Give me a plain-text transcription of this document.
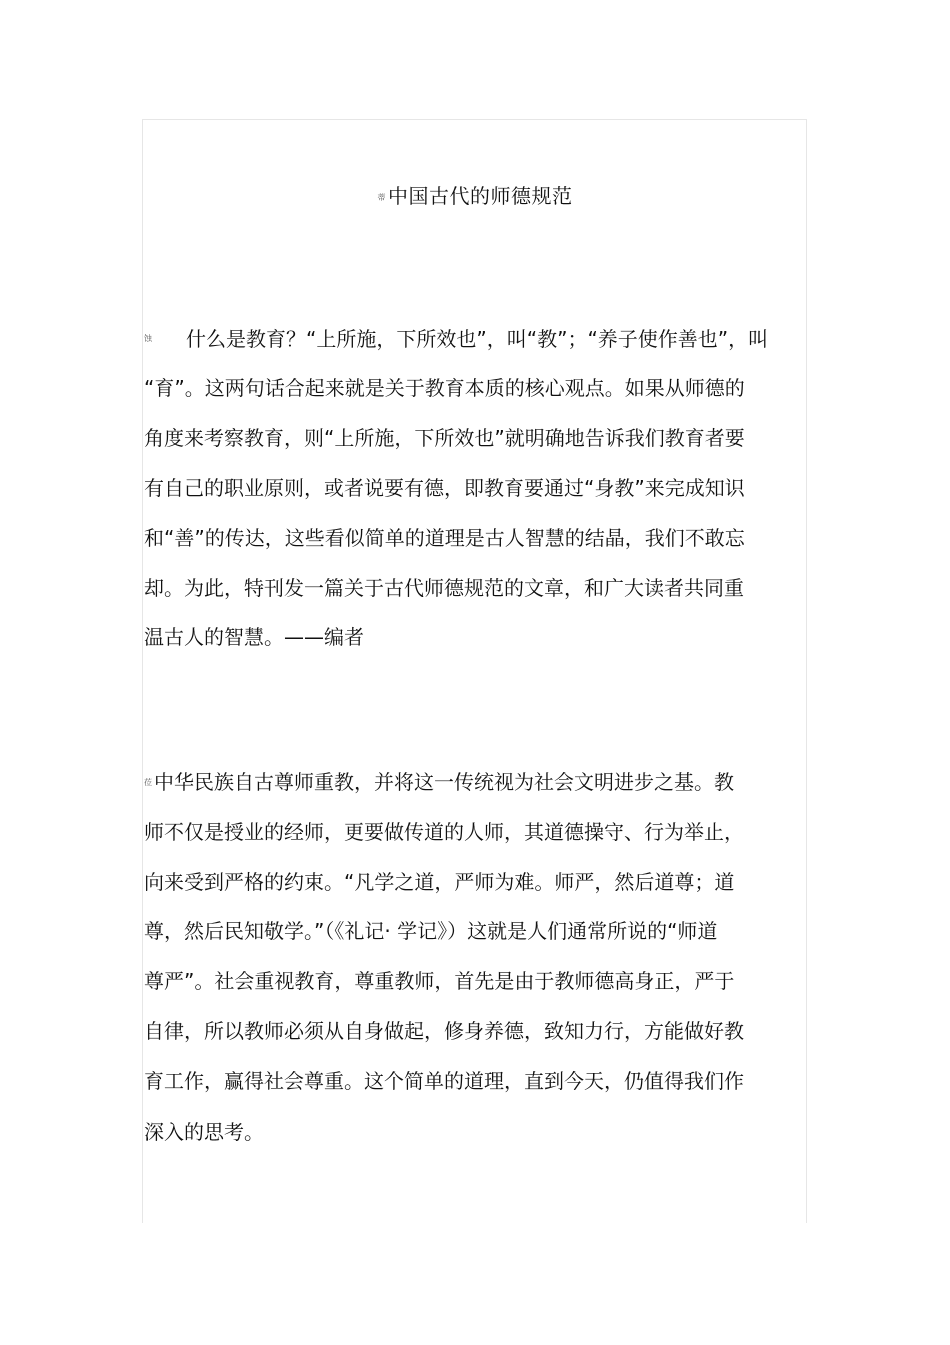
蒂 中国古代的师德规范
蚀 什么是教育？“上所施，下所效也”，叫“教”；“养子使作善也”，叫
“育”。这两句话合起来就是关于教育本质的核心观点。如果从师德的
角度来考察教育，则“上所施，下所效也”就明确地告诉我们教育者要
有自己的职业原则，或者说要有德，即教育要通过“身教”来完成知识
和“善”的传达，这些看似简单的道理是古人智慧的结晶，我们不敢忘
却。为此，特刊发一篇关于古代师德规范的文章，和广大读者共同重
温古人的智慧。——编者
莅 中华民族自古尊师重教，并将这一传统视为社会文明进步之基。教
师不仅是授业的经师，更要做传道的人师，其道德操守、行为举止，
向来受到严格的约束。“凡学之道，严师为难。师严，然后道尊；道
尊，然后民知敬学。”（《礼记· 学记》）这就是人们通常所说的“师道
尊严”。社会重视教育，尊重教师，首先是由于教师德高身正，严于
自律，所以教师必须从自身做起，修身养德，致知力行，方能做好教
育工作，赢得社会尊重。这个简单的道理，直到今天，仍值得我们作
深入的思考。
